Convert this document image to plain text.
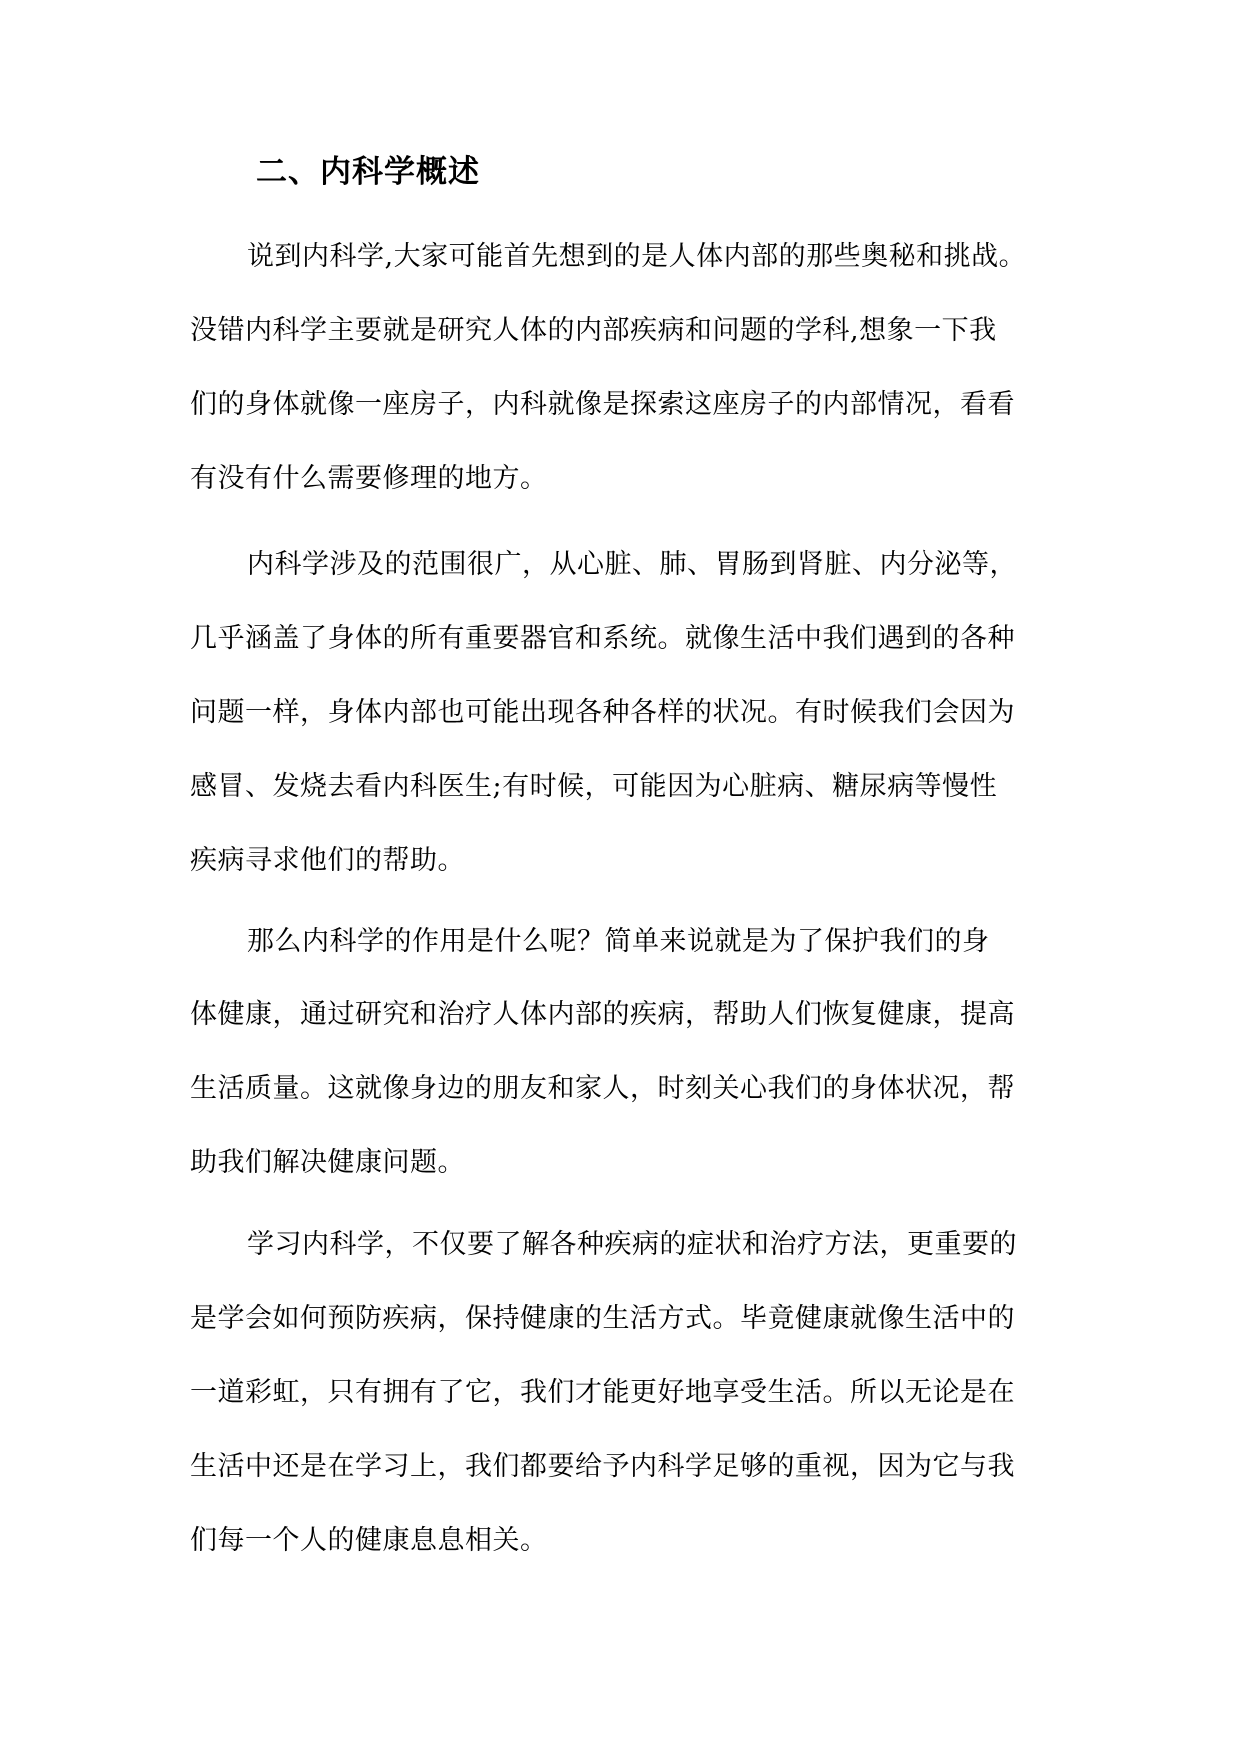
二、内科学概述
说到内科学,大家可能首先想到的是人体内部的那些奥秘和挑战。
没错内科学主要就是研究人体的内部疾病和问题的学科,想象一下我
们的身体就像一座房子，内科就像是探索这座房子的内部情况，看看
有没有什么需要修理的地方。
内科学涉及的范围很广，从心脏、肺、胃肠到肾脏、内分泌等，
几乎涵盖了身体的所有重要器官和系统。就像生活中我们遇到的各种
问题一样，身体内部也可能出现各种各样的状况。有时候我们会因为
感冒、发烧去看内科医生;有时候，可能因为心脏病、糖尿病等慢性
疾病寻求他们的帮助。
那么内科学的作用是什么呢？简单来说就是为了保护我们的身
体健康，通过研究和治疗人体内部的疾病，帮助人们恢复健康，提高
生活质量。这就像身边的朋友和家人，时刻关心我们的身体状况，帮
助我们解决健康问题。
学习内科学，不仅要了解各种疾病的症状和治疗方法，更重要的
是学会如何预防疾病，保持健康的生活方式。毕竟健康就像生活中的
一道彩虹，只有拥有了它，我们才能更好地享受生活。所以无论是在
生活中还是在学习上，我们都要给予内科学足够的重视，因为它与我
们每一个人的健康息息相关。
